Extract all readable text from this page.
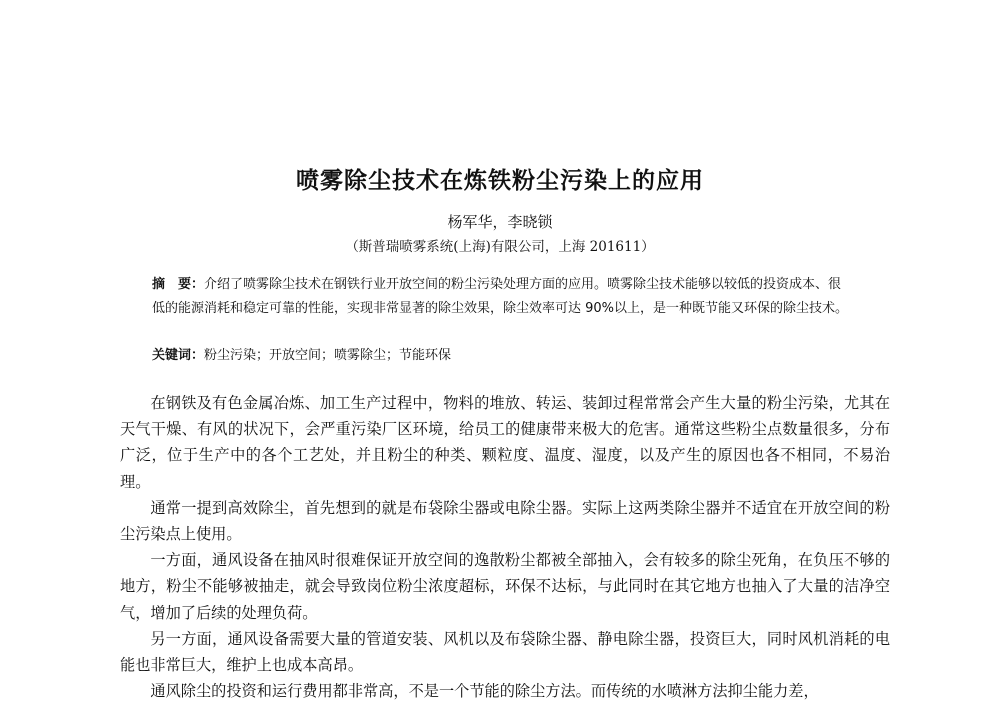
喷雾除尘技术在炼铁粉尘污染上的应用
杨军华，李晓锁
（斯普瑞喷雾系统(上海)有限公司，上海 201611）
摘　要：介绍了喷雾除尘技术在钢铁行业开放空间的粉尘污染处理方面的应用。喷雾除尘技术能够以较低的投资成本、很低的能源消耗和稳定可靠的性能，实现非常显著的除尘效果，除尘效率可达 90%以上，是一种既节能又环保的除尘技术。
关键词：粉尘污染；开放空间；喷雾除尘；节能环保

在钢铁及有色金属冶炼、加工生产过程中，物料的堆放、转运、装卸过程常常会产生大量的粉尘污染，尤其在天气干燥、有风的状况下，会严重污染厂区环境，给员工的健康带来极大的危害。通常这些粉尘点数量很多，分布广泛，位于生产中的各个工艺处，并且粉尘的种类、颗粒度、温度、湿度，以及产生的原因也各不相同，不易治理。

通常一提到高效除尘，首先想到的就是布袋除尘器或电除尘器。实际上这两类除尘器并不适宜在开放空间的粉尘污染点上使用。

一方面，通风设备在抽风时很难保证开放空间的逸散粉尘都被全部抽入，会有较多的除尘死角，在负压不够的地方，粉尘不能够被抽走，就会导致岗位粉尘浓度超标，环保不达标，与此同时在其它地方也抽入了大量的洁净空气，增加了后续的处理负荷。

另一方面，通风设备需要大量的管道安装、风机以及布袋除尘器、静电除尘器，投资巨大，同时风机消耗的电能也非常巨大，维护上也成本高昂。

通风除尘的投资和运行费用都非常高，不是一个节能的除尘方法。而传统的水喷淋方法抑尘能力差，
